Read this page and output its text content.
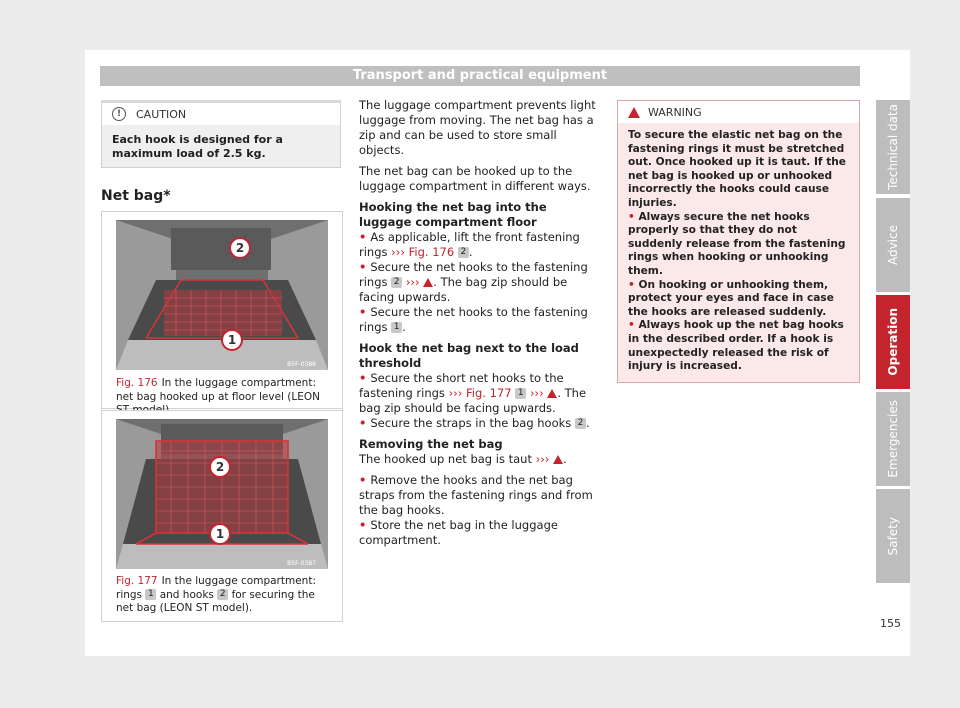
Transport and practical equipment
!	CAUTION
Each hook is designed for a maximum load of 2.5 kg.
Net bag*
B5F-0386
2
1
Fig. 176 In the luggage compartment: net bag hooked up at floor level (LEON
B5F-0387
2
1
Fig. 177 In the luggage compartment: rings 1 and hooks 2 for securing the net bag (LEON ST model).

The luggage compartment prevents light luggage from moving. The net bag has a zip and can be used to store small objects.

The net bag can be hooked up to the luggage compartment in different ways.

Hooking the net bag into the luggage compartment floor

• As applicable, lift the front fastening rings ››› Fig. 176 2 .

• Secure the net hooks to the fastening rings 2 ››› . The bag zip should be facing upwards.

• Secure the net hooks to the fastening rings 1 .

Hook the net bag next to the load threshold

• Secure the short net hooks to the fastening rings ››› Fig. 177 1 ››› . The bag zip should be facing upwards.

• Secure the straps in the bag hooks 2 .

Removing the net bag

The hooked up net bag is taut ››› .

• Remove the hooks and the net bag straps from the fastening rings and from the bag hooks.

• Store the net bag in the luggage compartment.

WARNING

To secure the elastic net bag on the fastening rings it must be stretched out. Once hooked up it is taut. If the net bag is hooked up or unhooked incorrectly the hooks could cause injuries.

• Always secure the net hooks properly so that they do not suddenly release from the fastening rings when hooking or unhooking them.

• On hooking or unhooking them, protect your eyes and face in case the hooks are released suddenly.

• Always hook up the net bag hooks in the described order. If a hook is unexpectedly released the risk of injury is increased.

Technical data
Advice
Operation
Emergencies
Safety
155
